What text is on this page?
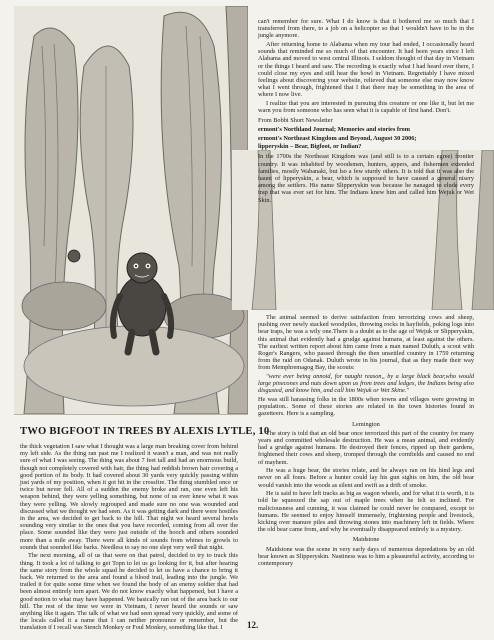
TWO BIGFOOT IN TREES BY ALEXIS LYTLE, 10

the thick vegetation I saw what I thought was a large man breaking cover from behind my left side. As the thing ran past me I realized it wasn't a man, and was not really sure of what I was seeing. The thing was about 7 feet tall and had an enormous build, though not completely covered with hair, the thing had reddish brown hair covering a good portion of its body. It had covered about 30 yards very quickly passing within just yards of my position, when it got hit in the crossfire. The thing stumbled once or twice but never fell. All of a sudden the enemy broke and ran, one even left his weapon behind, they were yelling something, but none of us ever knew what it was they were yelling. We slowly regrouped and made sure no one was wounded and discussed what we thought we had seen. As it was getting dark and there were hostiles in the area, we decided to get back to the hill. That night we heard several howls sounding very similar to the ones that you have recorded, coming from all over the place. Some sounded like they were just outside of the hooch and others sounded more than a mile away. There were all kinds of sounds from whines to growls to sounds that sounded like barks. Needless to say no one slept very well that night.

The next morning, all of us that were on that patrol, decided to try to track this thing. It took a lot of talking to get Topn to let us go looking for it, but after hearing the same story from the whole squad he decided to let us have a chance to bring it back. We returned to the area and found a blood trail, leading into the jungle. We trailed it for quite some time when we found the body of an enemy soldier that had been almost entirely torn apart. We do not know exactly what happened, but I have a good notion to what may have happened. We basically ran out of the area back to our hill. The rest of the time we were in Vietnam, I never heard the sounds or saw anything like it again. The talk of what we had seen spread very quickly, and some of the locals called it a name that I can neither pronounce or remember, but the translation if I recall was Stench Monkey or Foul Monkey, something like that. I

can't remember for sure. What I do know is that it bothered me so much that I transferred from there, to a job on a helicopter so that I wouldn't have to be in the jungle anymore.

After returning home to Alabama when my tour had ended, I occasionally heard sounds that reminded me so much of that encounter. It had been years since I left Alabama and moved to west central Illinois. I seldom thought of that day in Vietnam or the things I heard and saw. The recording is exactly what I had heard over there, I could close my eyes and still hear the howl in Vietnam. Regrettably I have mixed feelings about discovering your website, relieved that someone else may now know what I went through, frightened that I that there may be something in the area of where I now live.

I realize that you are interested in pursuing this creature or one like it, but let me warn you from someone who has seen what it is capable of first hand. Don't.

From Bobbi Short Newsletter

ermont's Northland Journal; Memories and stories from

ermont's Northeast Kingdom and Beyond, August 30 2006;

lipperyskin – Bear, Bigfoot, or Indian?

In the 1700s the Northeast Kingdom was (and still is to a certain egree) frontier country. It was inhabited by woodsmen, hunters, appers, and fishermen extended families, mostly Wabanaki, but lso a few sturdy others. It is told that it was also the haunt of lipperyskin, a bear, which is supposed to have caused a general nisery among the settlers. His name Slipperyskin was because he nanaged to elude every trap that was ever set for him. The Indians knew him and called him Wejuk or Wet Skin.

The animal seemed to derive satisfaction from terrorizing cows and sheep, pushing over newly stacked woodpiles, throwing rocks in hayfields, poking logs into bear traps, he was a wily one.There is a doubt as to the age of Wejuk or Slipperyskin, this animal that evidently had a grudge against humans, at least against the others. The earliest written report about him came from a man named Duluth, a scout with Roger's Rangers, who passed through the then unsettled country in 1759 returning from the raid on Odanak. Duluth wrote in his journal, that as they made their way from Memphremagog Bay, the scouts:

"were ever being annoid, for naught reason,, by a large black bear,who would large pinecones and nuts down upon us from trees and ledges, the Indians being also disgusted, and know him, and call him Wejuk or Wet Skine."

He was still harassing folks in the 1800s when towns and villages were growing in population.. Some of these stories are related in the town histories found in gazetteers. Here is a sampling.

Lemington

The story is told that an old bear once terrorized this part of the country for many years and committed wholesale destruction. He was a mean animal, and evidently had a grudge against humans. He destroyed their fences, ripped up their gardens, frightened their cows and sheep, tromped through the cornfields and caused no end of mayhem.

He was a huge bear, the stories relate, and he always ran on his hind legs and never on all fours. Before a hunter could lay his gun sights on him, the old bear would vanish into the woods as silent and swift as a drift of smoke.

He is said to have left tracks as big as wagon wheels, and for what it is worth, it is told he squeezed the sap out of maple trees when he felt so inclined. For maliciousness and cunning, it was claimed he could never be compared, except to humans. He seemed to enjoy himself immensely, frightening people and livestock, kicking over manure piles and throwing stones into machinery left in fields. Where the old bear came from, and why he eventually disappeared entirely is a mystery.

Maidstone

Maidstone was the scene in very early days of numerous depredations by an old bear known as Slipperyskin. Nastiness was to him a pleasureful activity, according to contemporary

12.
